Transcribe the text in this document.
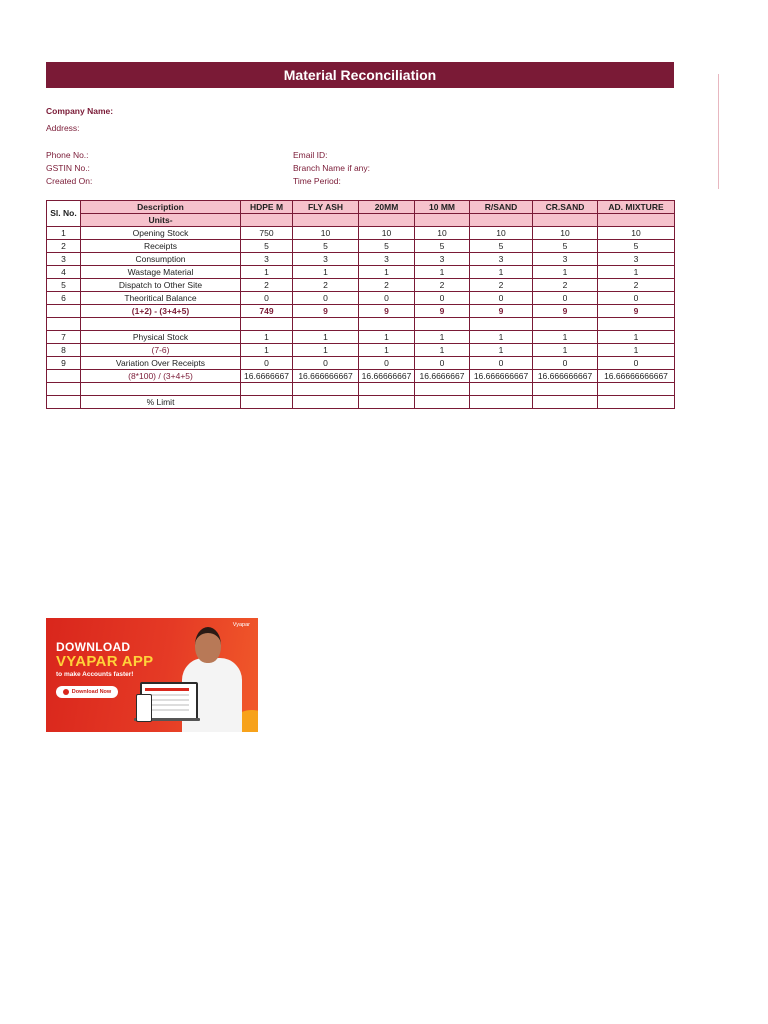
Material Reconciliation
Company Name:
Address:
Phone No.:
GSTIN No.:
Created On:
Email ID:
Branch Name if any:
Time Period:
Sl. No.	Description	HDPE M	FLY ASH	20MM	10 MM	R/SAND	CR.SAND	AD. MIXTURE
	Units-							
1	Opening Stock	750	10	10	10	10	10	10
2	Receipts	5	5	5	5	5	5	5
3	Consumption	3	3	3	3	3	3	3
4	Wastage Material	1	1	1	1	1	1	1
5	Dispatch to Other Site	2	2	2	2	2	2	2
6	Theoritical Balance	0	0	0	0	0	0	0
	(1+2) - (3+4+5)	749	9	9	9	9	9	9

7	Physical Stock	1	1	1	1	1	1	1
8	(7-6)	1	1	1	1	1	1	1
9	Variation Over Receipts	0	0	0	0	0	0	0
	(8*100) / (3+4+5)	16.6666667	16.666666667	16.66666667	16.6666667	16.666666667	16.666666667	16.66666666667

	% Limit							
Vyapar
DOWNLOAD
VYAPAR APP
to make Accounts faster!
Download Now
